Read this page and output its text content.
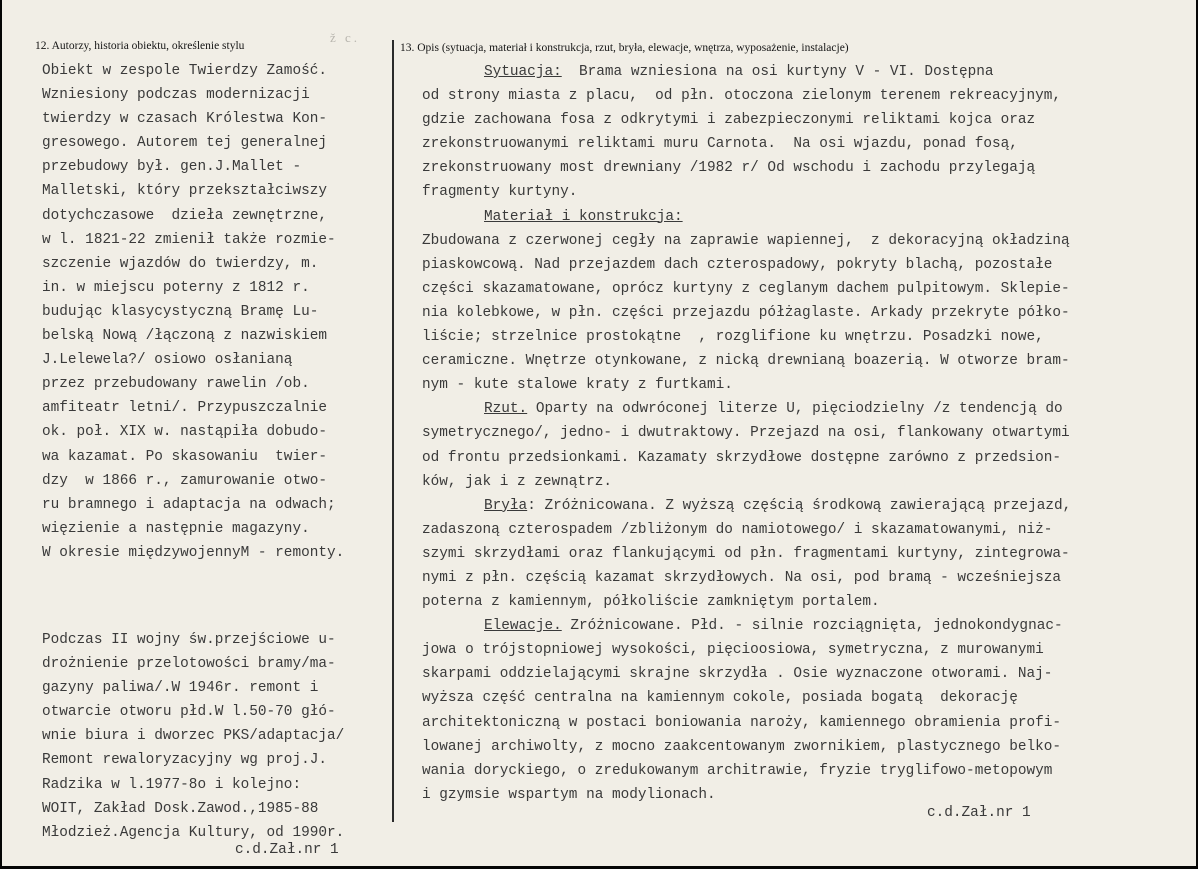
ž c.
12. Autorzy, historia obiektu, określenie stylu	13. Opis (sytuacja, materiał i konstrukcja, rzut, bryła, elewacje, wnętrza, wyposażenie, instalacje)
Obiekt w zespole Twierdzy Zamość.
Wzniesiony podczas modernizacji
twierdzy w czasach Królestwa Kon-
gresowego. Autorem tej generalnej
przebudowy był. gen.J.Mallet -
Malletski, który przekształciwszy
dotychczasowe  dzieła zewnętrzne,
w l. 1821-22 zmienił także rozmie-
szczenie wjazdów do twierdzy, m.
in. w miejscu poterny z 1812 r.
budując klasycystyczną Bramę Lu-
belską Nową /łączoną z nazwiskiem
J.Lelewela?/ osiowo osłanianą
przez przebudowany rawelin /ob.
amfiteatr letni/. Przypuszczalnie
ok. poł. XIX w. nastąpiła dobudo-
wa kazamat. Po skasowaniu  twier-
dzy  w 1866 r., zamurowanie otwo-
ru bramnego i adaptacja na odwach;
więzienie a następnie magazyny.
W okresie międzywojennyM - remonty.
Podczas II wojny św.przejściowe u-
drożnienie przelotowości bramy/ma-
gazyny paliwa/.W 1946r. remont i
otwarcie otworu płd.W l.50-70 głó-
wnie biura i dworzec PKS/adaptacja/
Remont rewaloryzacyjny wg proj.J.
Radzika w l.1977-8o i kolejno:
WOIT, Zakład Dosk.Zawod.,1985-88
Młodzież.Agencja Kultury, od 1990r.
Sytuacja:  Brama wzniesiona na osi kurtyny V - VI. Dostępna
od strony miasta z placu,  od płn. otoczona zielonym terenem rekreacyjnym,
gdzie zachowana fosa z odkrytymi i zabezpieczonymi reliktami kojca oraz
zrekonstruowanymi reliktami muru Carnota.  Na osi wjazdu, ponad fosą,
zrekonstruowany most drewniany /1982 r/ Od wschodu i zachodu przylegają
fragmenty kurtyny.
Materiał i konstrukcja:
Zbudowana z czerwonej cegły na zaprawie wapiennej,  z dekoracyjną okładziną
piaskowcową. Nad przejazdem dach czterospadowy, pokryty blachą, pozostałe
części skazamatowane, oprócz kurtyny z ceglanym dachem pulpitowym. Sklepie-
nia kolebkowe, w płn. części przejazdu półżaglaste. Arkady przekryte półko-
liście; strzelnice prostokątne  , rozglifione ku wnętrzu. Posadzki nowe,
ceramiczne. Wnętrze otynkowane, z nicką drewnianą boazerią. W otworze bram-
nym - kute stalowe kraty z furtkami.
Rzut. Oparty na odwróconej literze U, pięciodzielny /z tendencją do
symetrycznego/, jedno- i dwutraktowy. Przejazd na osi, flankowany otwartymi
od frontu przedsionkami. Kazamaty skrzydłowe dostępne zarówno z przedsion-
ków, jak i z zewnątrz.
Bryła: Zróżnicowana. Z wyższą częścią środkową zawierającą przejazd,
zadaszoną czterospadem /zbliżonym do namiotowego/ i skazamatowanymi, niż-
szymi skrzydłami oraz flankującymi od płn. fragmentami kurtyny, zintegrowa-
nymi z płn. częścią kazamat skrzydłowych. Na osi, pod bramą - wcześniejsza
poterna z kamiennym, półkoliście zamkniętym portalem.
Elewacje. Zróżnicowane. Płd. - silnie rozciągnięta, jednokondygnac-
jowa o trójstopniowej wysokości, pięcioosiowa, symetryczna, z murowanymi
skarpami oddzielającymi skrajne skrzydła . Osie wyznaczone otworami. Naj-
wyższa część centralna na kamiennym cokole, posiada bogatą  dekorację
architektoniczną w postaci boniowania naroży, kamiennego obramienia profi-
lowanej archiwolty, z mocno zaakcentowanym zwornikiem, plastycznego belko-
wania doryckiego, o zredukowanym architrawie, fryzie tryglifowo-metopowym
i gzymsie wspartym na modylionach.
c.d.Zał.nr 1
c.d.Zał.nr 1
